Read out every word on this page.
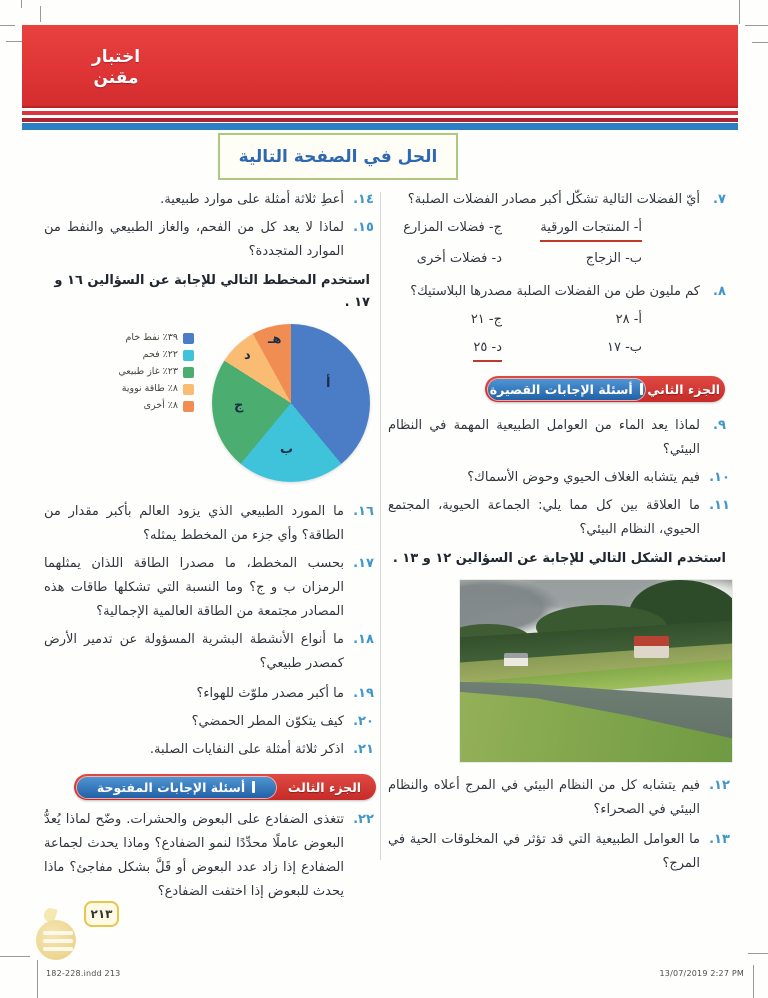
اختبار
مقنن
الحل في الصفحة التالية
٧.
أيّ الفضلات التالية تشكّل أكبر مصادر الفضلات الصلبة؟
أ- المنتجات الورقية
ج- فضلات المزارع
ب- الزجاج
د- فضلات أخرى
٨.
كم مليون طن من الفضلات الصلبة مصدرها البلاستيك؟
أ- ٢٨
ج- ٢١
ب- ١٧
د- ٢٥
الجزء الثاني
أسئلة الإجابات القصيرة
٩.
لماذا يعد الماء من العوامل الطبيعية المهمة في النظام البيئي؟
١٠.
فيم يتشابه الغلاف الحيوي وحوض الأسماك؟
١١.
ما العلاقة بين كل مما يلي: الجماعة الحيوية، المجتمع الحيوي، النظام البيئي؟
استخدم الشكل التالي للإجابة عن السؤالين ١٢ و ١٣ .
١٢.
فيم يتشابه كل من النظام البيئي في المرج أعلاه والنظام البيئي في الصحراء؟
١٣.
ما العوامل الطبيعية التي قد تؤثر في المخلوقات الحية في المرج؟
١٤.
أعطِ ثلاثة أمثلة على موارد طبيعية.
١٥.
لماذا لا يعد كل من الفحم، والغاز الطبيعي والنفط من الموارد المتجددة؟
استخدم المخطط التالي للإجابة عن السؤالين ١٦ و ١٧ .
أ
ب
ج
د
هـ
٣٩٪ نفط خام
٢٢٪ فحم
٢٣٪ غاز طبيعي
٨٪ طاقة نووية
٨٪ أخرى
١٦.
ما المورد الطبيعي الذي يزود العالم بأكبر مقدار من الطاقة؟ وأي جزء من المخطط يمثله؟
١٧.
بحسب المخطط، ما مصدرا الطاقة اللذان يمثلهما الرمزان ب و ج؟ وما النسبة التي تشكلها طاقات هذه المصادر مجتمعة من الطاقة العالمية الإجمالية؟
١٨.
ما أنواع الأنشطة البشرية المسؤولة عن تدمير الأرض كمصدر طبيعي؟
١٩.
ما أكبر مصدر ملوّث للهواء؟
٢٠.
كيف يتكوّن المطر الحمضي؟
٢١.
اذكر ثلاثة أمثلة على النفايات الصلبة.
الجزء الثالث
أسئلة الإجابات المفتوحة
٢٢.
تتغذى الضفادع على البعوض والحشرات. وضّح لماذا يُعدُّ البعوض عاملًا محدِّدًا لنمو الضفادع؟ وماذا يحدث لجماعة الضفادع إذا زاد عدد البعوض أو قَلَّ بشكل مفاجئ؟ ماذا يحدث للبعوض إذا اختفت الضفادع؟
٢١٣
182-228.indd 213	13/07/2019 2:27 PM
